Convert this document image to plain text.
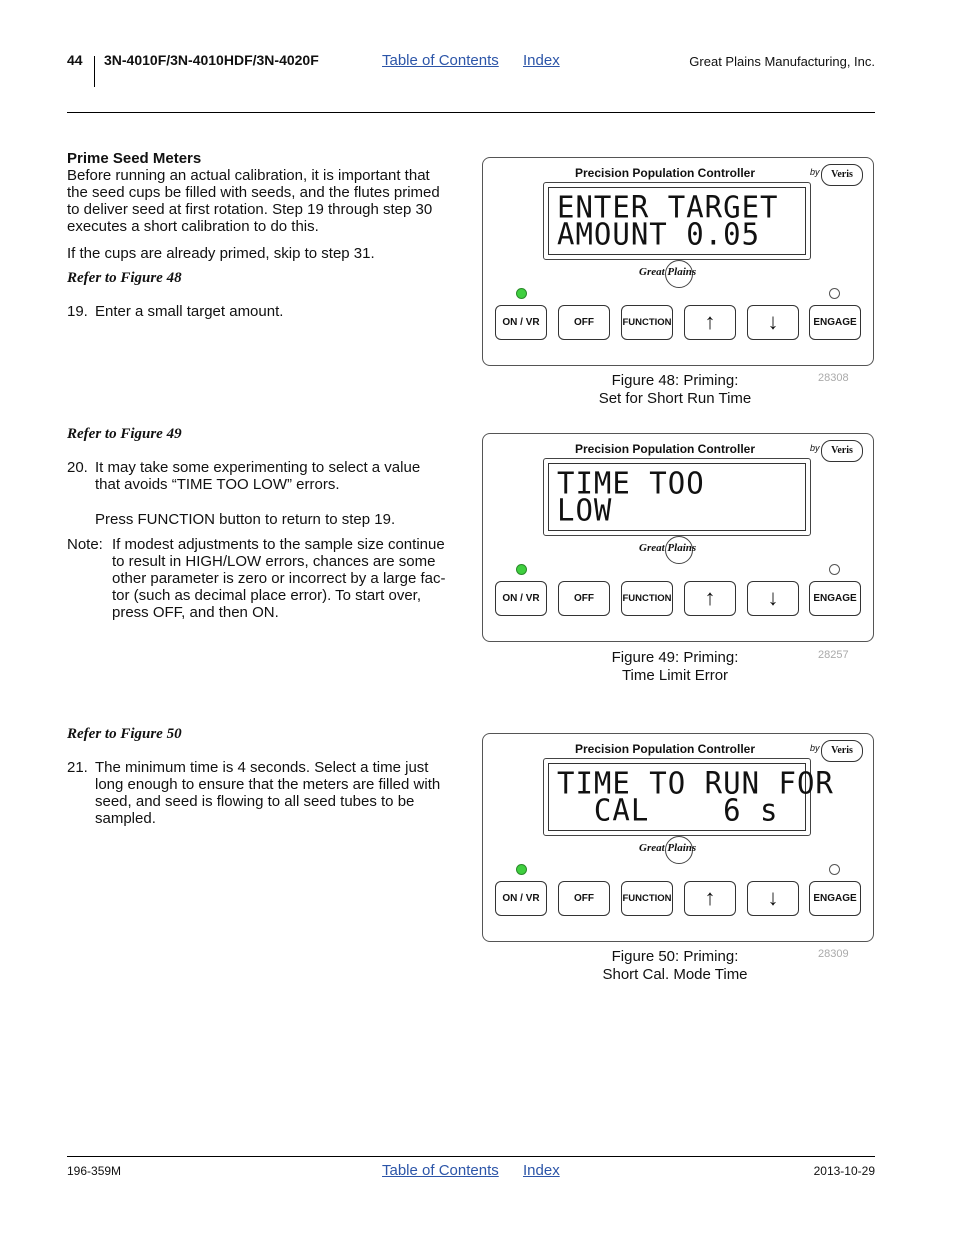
44 3N-4010F/3N-4010HDF/3N-4020F	Table of Contents Index	Great Plains Manufacturing, Inc.
Prime Seed Meters
Before running an actual calibration, it is important that
the seed cups be filled with seeds, and the flutes primed
to deliver seed at first rotation. Step 19 through step 30
executes a short calibration to do this.
If the cups are already primed, skip to step 31.
Refer to Figure 48
19. Enter a small target amount.
Refer to Figure 49
20. It may take some experimenting to select a value
that avoids “TIME TOO LOW” errors.
Press FUNCTION button to return to step 19.
Note: If modest adjustments to the sample size continue
to result in HIGH/LOW errors, chances are some
other parameter is zero or incorrect by a large fac-
tor (such as decimal place error). To start over,
press OFF, and then ON.
Refer to Figure 50
21. The minimum time is 4 seconds. Select a time just
long enough to ensure that the meters are filled with
seed, and seed is flowing to all seed tubes to be
sampled.
Precision Population Controller	by	Veris
ENTER TARGET
AMOUNT 0.05
Great Plains
ON / VR	OFF	FUNCTION	↑	↓	ENGAGE
Figure 48: Priming:
Set for Short Run Time
28308
Precision Population Controller	by	Veris
TIME TOO
LOW
Great Plains
ON / VR	OFF	FUNCTION	↑	↓	ENGAGE
Figure 49: Priming:
Time Limit Error
28257
Precision Population Controller	by	Veris
TIME TO RUN FOR
CAL    6 s
Great Plains
ON / VR	OFF	FUNCTION	↑	↓	ENGAGE
Figure 50: Priming:
Short Cal. Mode Time
28309
196-359M	Table of Contents Index	2013-10-29
